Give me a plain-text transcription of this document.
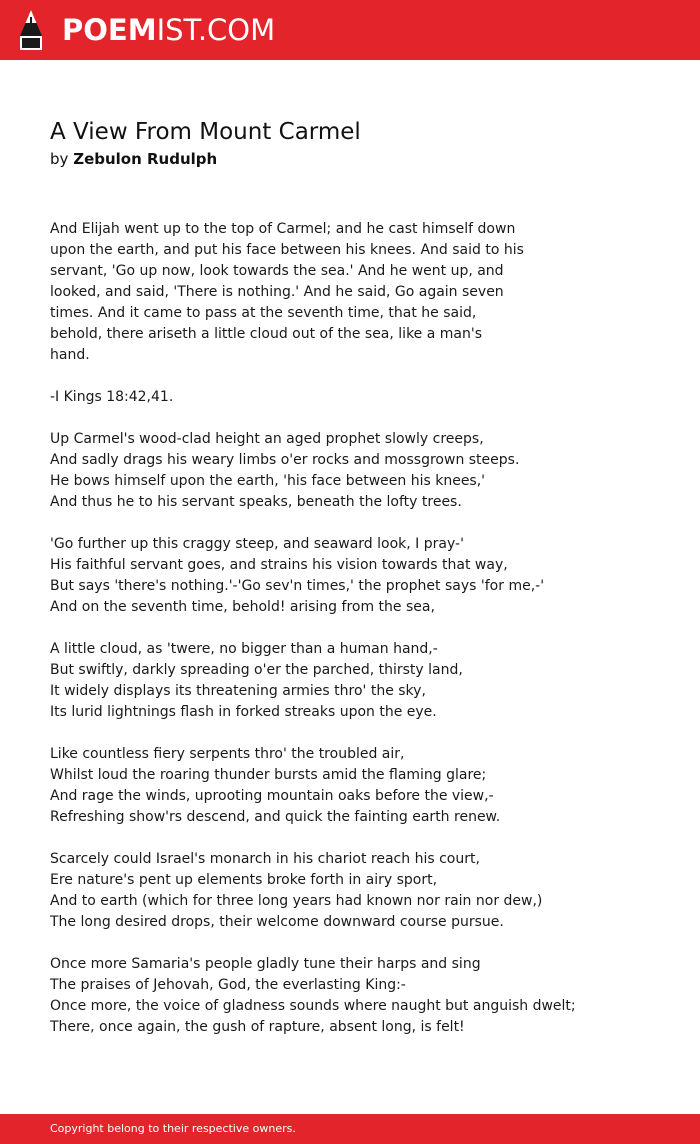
POEMIST.COM
A View From Mount Carmel
by Zebulon Rudulph
And Elijah went up to the top of Carmel; and he cast himself down
upon the earth, and put his face between his knees. And said to his
servant, 'Go up now, look towards the sea.' And he went up, and
looked, and said, 'There is nothing.' And he said, Go again seven
times. And it came to pass at the seventh time, that he said,
behold, there ariseth a little cloud out of the sea, like a man's
hand.
-I Kings 18:42,41.
Up Carmel's wood-clad height an aged prophet slowly creeps,
And sadly drags his weary limbs o'er rocks and mossgrown steeps.
He bows himself upon the earth, 'his face between his knees,'
And thus he to his servant speaks, beneath the lofty trees.
'Go further up this craggy steep, and seaward look, I pray-'
His faithful servant goes, and strains his vision towards that way,
But says 'there's nothing.'-'Go sev'n times,' the prophet says 'for me,-'
And on the seventh time, behold! arising from the sea,
A little cloud, as 'twere, no bigger than a human hand,-
But swiftly, darkly spreading o'er the parched, thirsty land,
It widely displays its threatening armies thro' the sky,
Its lurid lightnings flash in forked streaks upon the eye.
Like countless fiery serpents thro' the troubled air,
Whilst loud the roaring thunder bursts amid the flaming glare;
And rage the winds, uprooting mountain oaks before the view,-
Refreshing show'rs descend, and quick the fainting earth renew.
Scarcely could Israel's monarch in his chariot reach his court,
Ere nature's pent up elements broke forth in airy sport,
And to earth (which for three long years had known nor rain nor dew,)
The long desired drops, their welcome downward course pursue.
Once more Samaria's people gladly tune their harps and sing
The praises of Jehovah, God, the everlasting King:-
Once more, the voice of gladness sounds where naught but anguish dwelt;
There, once again, the gush of rapture, absent long, is felt!
Copyright belong to their respective owners.
